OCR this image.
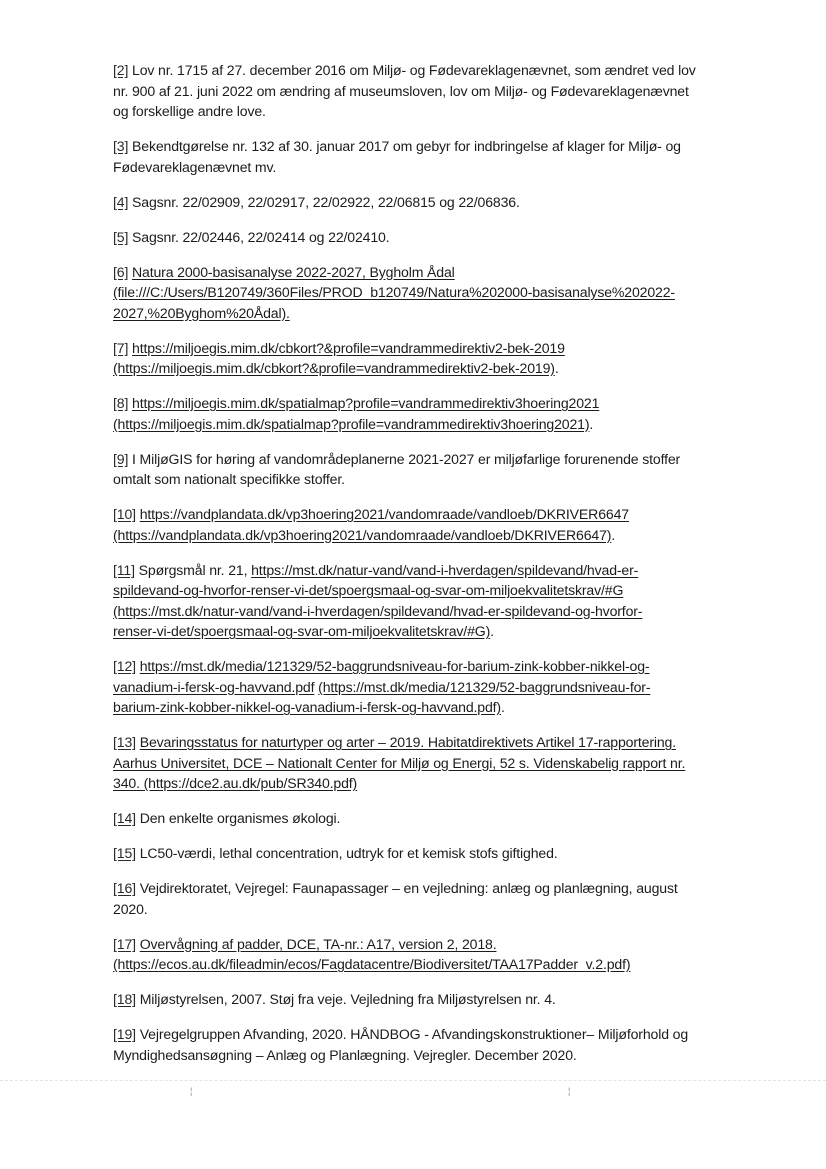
[2] Lov nr. 1715 af 27. december 2016 om Miljø- og Fødevareklagenævnet, som ændret ved lov
nr. 900 af 21. juni 2022 om ændring af museumsloven, lov om Miljø- og Fødevareklagenævnet
og forskellige andre love.

[3] Bekendtgørelse nr. 132 af 30. januar 2017 om gebyr for indbringelse af klager for Miljø- og
Fødevareklagenævnet mv.

[4] Sagsnr. 22/02909, 22/02917, 22/02922, 22/06815 og 22/06836.

[5] Sagsnr. 22/02446, 22/02414 og 22/02410.

[6] Natura 2000-basisanalyse 2022-2027, Bygholm Ådal
(file:///C:/Users/B120749/360Files/PROD_b120749/Natura%202000-basisanalyse%202022-
2027,%20Byghom%20Ådal).

[7] https://miljoegis.mim.dk/cbkort?&profile=vandrammedirektiv2-bek-2019
(https://miljoegis.mim.dk/cbkort?&profile=vandrammedirektiv2-bek-2019).

[8] https://miljoegis.mim.dk/spatialmap?profile=vandrammedirektiv3hoering2021
(https://miljoegis.mim.dk/spatialmap?profile=vandrammedirektiv3hoering2021).

[9] I MiljøGIS for høring af vandområdeplanerne 2021-2027 er miljøfarlige forurenende stoffer
omtalt som nationalt specifikke stoffer.

[10] https://vandplandata.dk/vp3hoering2021/vandomraade/vandloeb/DKRIVER6647
(https://vandplandata.dk/vp3hoering2021/vandomraade/vandloeb/DKRIVER6647).

[11] Spørgsmål nr. 21, https://mst.dk/natur-vand/vand-i-hverdagen/spildevand/hvad-er-
spildevand-og-hvorfor-renser-vi-det/spoergsmaal-og-svar-om-miljoekvalitetskrav/#G
(https://mst.dk/natur-vand/vand-i-hverdagen/spildevand/hvad-er-spildevand-og-hvorfor-
renser-vi-det/spoergsmaal-og-svar-om-miljoekvalitetskrav/#G).

[12] https://mst.dk/media/121329/52-baggrundsniveau-for-barium-zink-kobber-nikkel-og-
vanadium-i-fersk-og-havvand.pdf (https://mst.dk/media/121329/52-baggrundsniveau-for-
barium-zink-kobber-nikkel-og-vanadium-i-fersk-og-havvand.pdf).

[13] Bevaringsstatus for naturtyper og arter – 2019. Habitatdirektivets Artikel 17-rapportering.
Aarhus Universitet, DCE – Nationalt Center for Miljø og Energi, 52 s. Videnskabelig rapport nr.
340. (https://dce2.au.dk/pub/SR340.pdf)

[14] Den enkelte organismes økologi.

[15] LC50-værdi, lethal concentration, udtryk for et kemisk stofs giftighed.

[16] Vejdirektoratet, Vejregel: Faunapassager – en vejledning: anlæg og planlægning, august
2020.

[17] Overvågning af padder, DCE, TA-nr.: A17, version 2, 2018.
(https://ecos.au.dk/fileadmin/ecos/Fagdatacentre/Biodiversitet/TAA17Padder_v.2.pdf)

[18] Miljøstyrelsen, 2007. Støj fra veje. Vejledning fra Miljøstyrelsen nr. 4.

[19] Vejregelgruppen Afvanding, 2020. HÅNDBOG - Afvandingskonstruktioner– Miljøforhold og
Myndighedsansøgning – Anlæg og Planlægning. Vejregler. December 2020.

¦	¦
